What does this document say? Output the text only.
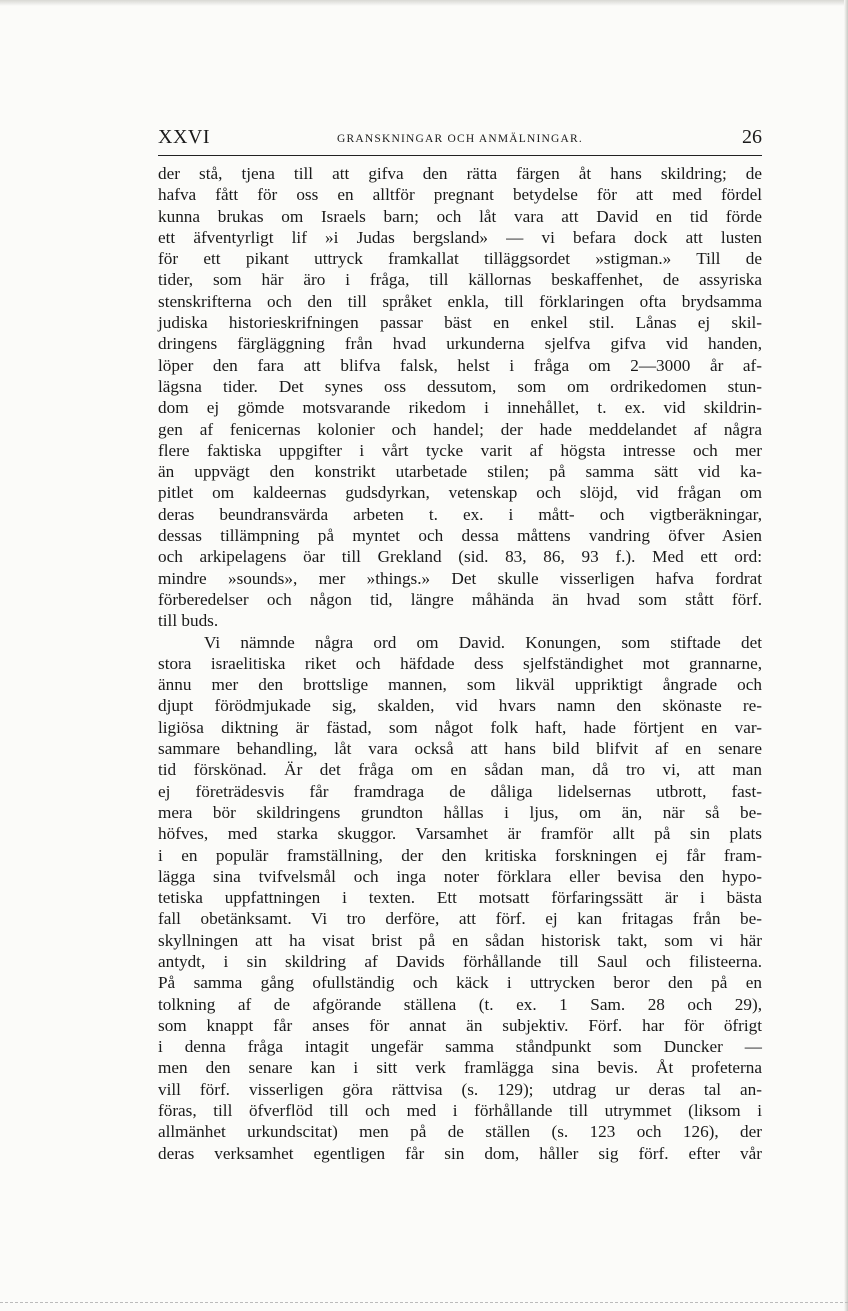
XXVI	GRANSKNINGAR OCH ANMÄLNINGAR.	26
der stå, tjena till att gifva den rätta färgen åt hans skildring; de
hafva fått för oss en alltför pregnant betydelse för att med fördel
kunna brukas om Israels barn; och låt vara att David en tid förde
ett äfventyrligt lif »i Judas bergsland» — vi befara dock att lusten
för ett pikant uttryck framkallat tilläggsordet »stigman.» Till de
tider, som här äro i fråga, till källornas beskaffenhet, de assyriska
stenskrifterna och den till språket enkla, till förklaringen ofta brydsamma
judiska historieskrifningen passar bäst en enkel stil. Lånas ej skil-
dringens färgläggning från hvad urkunderna sjelfva gifva vid handen,
löper den fara att blifva falsk, helst i fråga om 2—3000 år af-
lägsna tider. Det synes oss dessutom, som om ordrikedomen stun-
dom ej gömde motsvarande rikedom i innehållet, t. ex. vid skildrin-
gen af fenicernas kolonier och handel; der hade meddelandet af några
flere faktiska uppgifter i vårt tycke varit af högsta intresse och mer
än uppvägt den konstrikt utarbetade stilen; på samma sätt vid ka-
pitlet om kaldeernas gudsdyrkan, vetenskap och slöjd, vid frågan om
deras beundransvärda arbeten t. ex. i mått- och vigtberäkningar,
dessas tillämpning på myntet och dessa måttens vandring öfver Asien
och arkipelagens öar till Grekland (sid. 83, 86, 93 f.). Med ett ord:
mindre »sounds», mer »things.» Det skulle visserligen hafva fordrat
förberedelser och någon tid, längre måhända än hvad som stått förf.
till buds.
Vi nämnde några ord om David. Konungen, som stiftade det
stora israelitiska riket och häfdade dess sjelfständighet mot grannarne,
ännu mer den brottslige mannen, som likväl uppriktigt ångrade och
djupt förödmjukade sig, skalden, vid hvars namn den skönaste re-
ligiösa diktning är fästad, som något folk haft, hade förtjent en var-
sammare behandling, låt vara också att hans bild blifvit af en senare
tid förskönad. Är det fråga om en sådan man, då tro vi, att man
ej företrädesvis får framdraga de dåliga lidelsernas utbrott, fast-
mera bör skildringens grundton hållas i ljus, om än, när så be-
höfves, med starka skuggor. Varsamhet är framför allt på sin plats
i en populär framställning, der den kritiska forskningen ej får fram-
lägga sina tvifvelsmål och inga noter förklara eller bevisa den hypo-
tetiska uppfattningen i texten. Ett motsatt förfaringssätt är i bästa
fall obetänksamt. Vi tro derföre, att förf. ej kan fritagas från be-
skyllningen att ha visat brist på en sådan historisk takt, som vi här
antydt, i sin skildring af Davids förhållande till Saul och filisteerna.
På samma gång ofullständig och käck i uttrycken beror den på en
tolkning af de afgörande ställena (t. ex. 1 Sam. 28 och 29),
som knappt får anses för annat än subjektiv. Förf. har för öfrigt
i denna fråga intagit ungefär samma ståndpunkt som Duncker —
men den senare kan i sitt verk framlägga sina bevis. Åt profeterna
vill förf. visserligen göra rättvisa (s. 129); utdrag ur deras tal an-
föras, till öfverflöd till och med i förhållande till utrymmet (liksom i
allmänhet urkundscitat) men på de ställen (s. 123 och 126), der
deras verksamhet egentligen får sin dom, håller sig förf. efter vår
